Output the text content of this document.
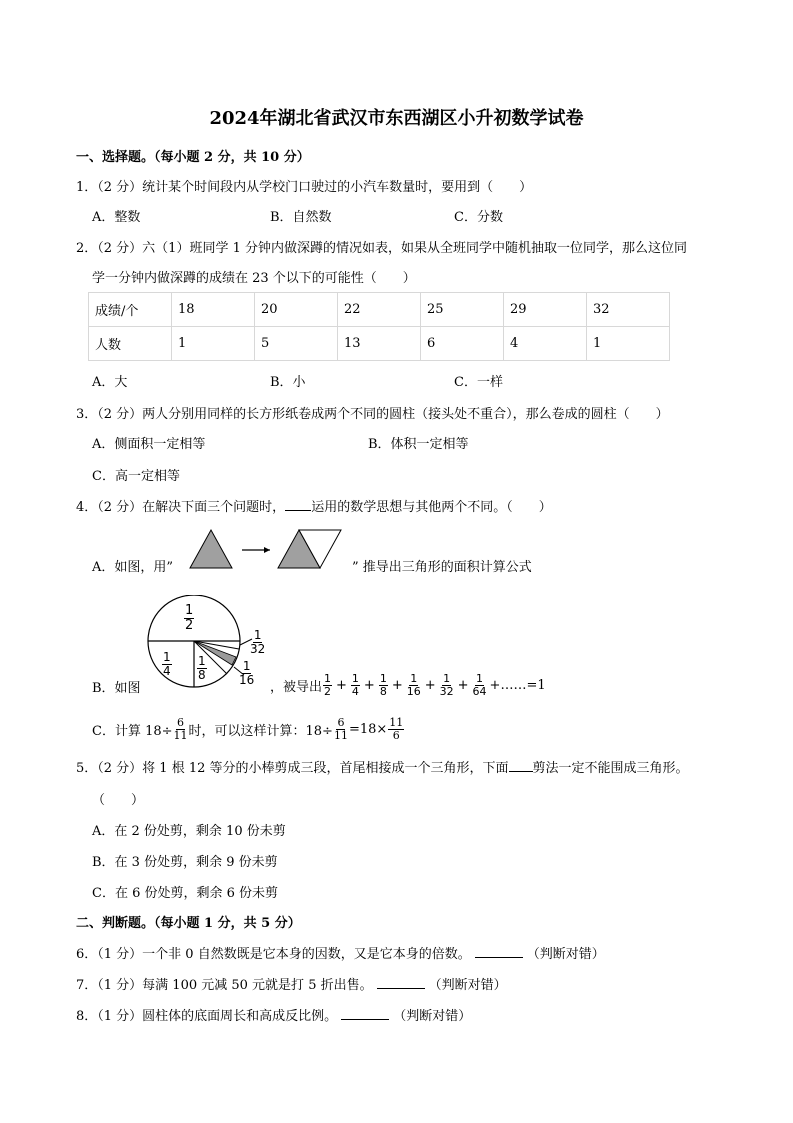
2024年湖北省武汉市东西湖区小升初数学试卷
一、选择题。（每小题 2 分，共 10 分）
1．（2 分）统计某个时间段内从学校门口驶过的小汽车数量时，要用到（　　）
A．整数	B．自然数	C．分数
2．（2 分）六（1）班同学 1 分钟内做深蹲的情况如表，如果从全班同学中随机抽取一位同学，那么这位同
学一分钟内做深蹲的成绩在 23 个以下的可能性（　　）
成绩/个	18	20	22	25	29	32
人数	1	5	13	6	4	1
A．大	B．小	C．一样
3．（2 分）两人分别用同样的长方形纸卷成两个不同的圆柱（接头处不重合），那么卷成的圆柱（　　）
A．侧面积一定相等	B．体积一定相等
C．高一定相等
4．（2 分）在解决下面三个问题时， 运用的数学思想与其他两个不同。（　　）
A．如图，用”	” 推导出三角形的面积计算公式
$\frac{1}{2}$
$\frac{1}{4} \frac{1}{8}$
$\frac{1}{32}$
$\frac{1}{16}$
B．如图	，被导出 $\frac{1}{2} + \frac{1}{4} + \frac{1}{8} + \frac{1}{16} + \frac{1}{32} + \frac{1}{64}$ +……=1
C．计算 $18\div \frac{6}{11}$ 时，可以这样计算：$18\div \frac{6}{11} =18\times \frac{11}{6}$
5．（2 分）将 1 根 12 等分的小棒剪成三段，首尾相接成一个三角形，下面 剪法一定不能围成三角形。
（　　）
A．在 2 份处剪，剩余 10 份未剪
B．在 3 份处剪，剩余 9 份未剪
C．在 6 份处剪，剩余 6 份未剪
二、判断题。（每小题 1 分，共 5 分）
6．（1 分）一个非 0 自然数既是它本身的因数，又是它本身的倍数。	（判断对错）
7．（1 分）每满 100 元减 50 元就是打 5 折出售。	（判断对错）
8．（1 分）圆柱体的底面周长和高成反比例。	（判断对错）
